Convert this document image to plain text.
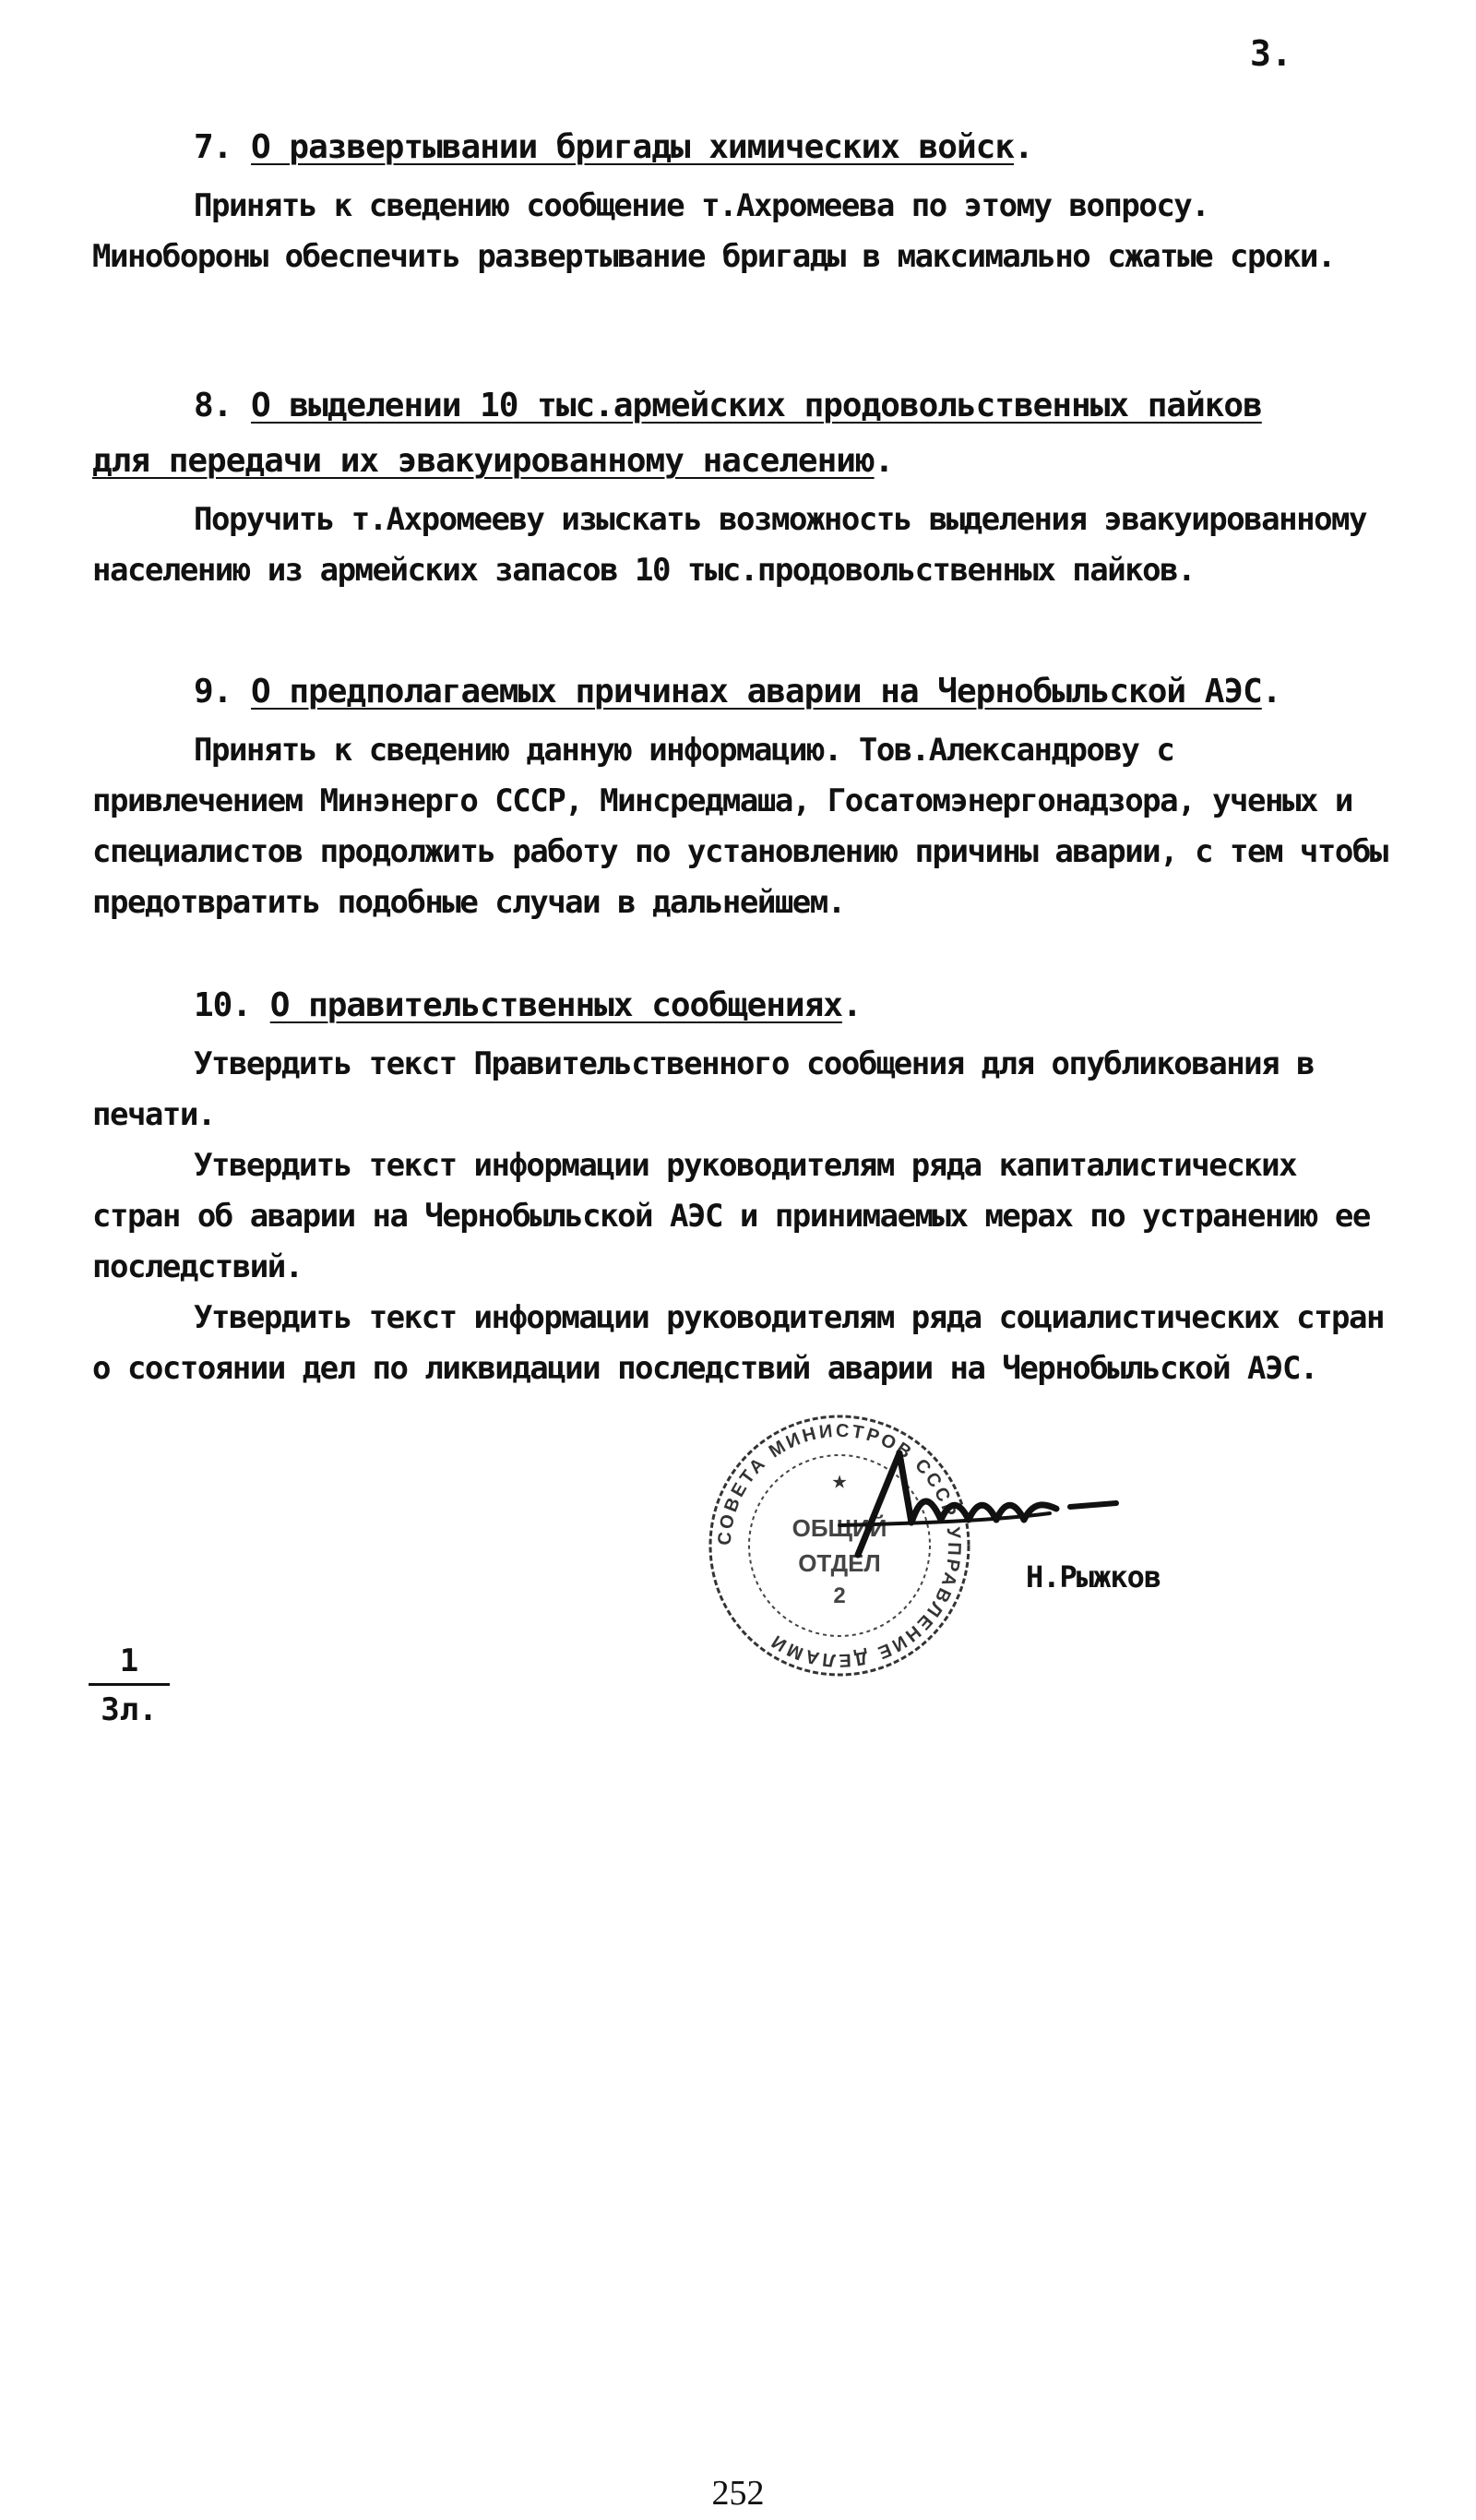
3.
7. О развертывании бригады химических войск.

Принять к сведению сообщение т.Ахромеева по этому вопросу. Минобороны обеспечить развертывание бригады в максимально сжатые сроки.

8. О выделении 10 тыс.армейских продовольственных пайков
для передачи их эвакуированному населению.

Поручить т.Ахромееву изыскать возможность выделения эвакуированному населению из армейских запасов 10 тыс.продовольственных пайков.

9. О предполагаемых причинах аварии на Чернобыльской АЭС.

Принять к сведению данную информацию. Тов.Александрову с привлечением Минэнерго СССР, Минсредмаша, Госатомэнергонадзора, ученых и специалистов продолжить работу по установлению причины аварии, с тем чтобы предотвратить подобные случаи в дальнейшем.

10. О правительственных сообщениях.

Утвердить текст Правительственного сообщения для опубликования в печати.

Утвердить текст информации руководителям ряда капиталистических стран об аварии на Чернобыльской АЭС и принимаемых мерах по устранению ее последствий.

Утвердить текст информации руководителям ряда социалистических стран о состоянии дел по ликвидации последствий аварии на Чернобыльской АЭС.

СОВЕТА МИНИСТРОВ СССР УПРАВЛЕНИЕ ДЕЛАМИ
★
ОБЩИЙ
ОТДЕЛ
2
Н.Рыжков
1
Зл.
252
